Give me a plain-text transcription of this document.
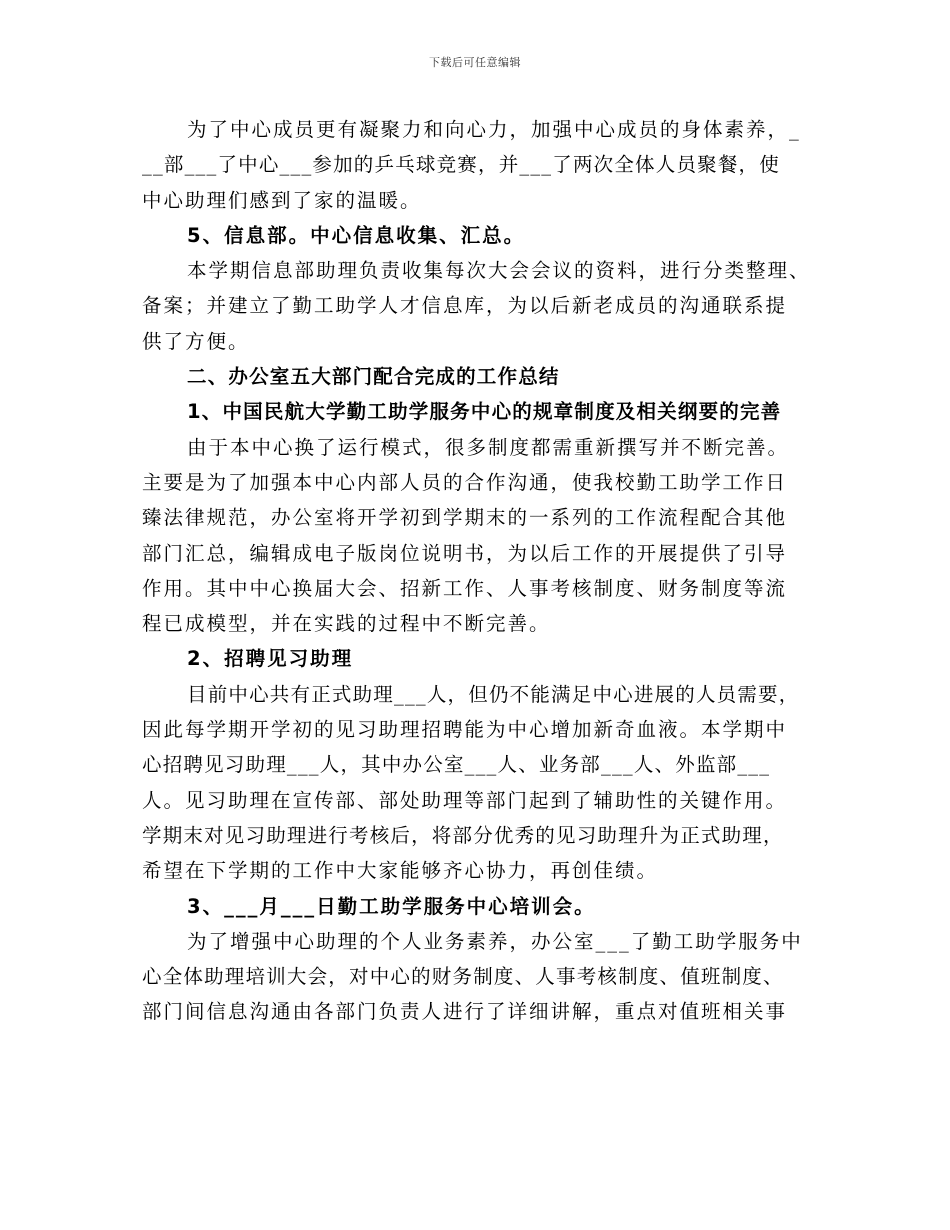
下载后可任意编辑
为了中心成员更有凝聚力和向心力，加强中心成员的身体素养，_
__部___了中心___参加的乒乓球竞赛，并___了两次全体人员聚餐，使
中心助理们感到了家的温暖。
5、信息部。中心信息收集、汇总。
本学期信息部助理负责收集每次大会会议的资料，进行分类整理、
备案；并建立了勤工助学人才信息库，为以后新老成员的沟通联系提
供了方便。
二、办公室五大部门配合完成的工作总结
1、中国民航大学勤工助学服务中心的规章制度及相关纲要的完善
由于本中心换了运行模式，很多制度都需重新撰写并不断完善。
主要是为了加强本中心内部人员的合作沟通，使我校勤工助学工作日
臻法律规范，办公室将开学初到学期末的一系列的工作流程配合其他
部门汇总，编辑成电子版岗位说明书，为以后工作的开展提供了引导
作用。其中中心换届大会、招新工作、人事考核制度、财务制度等流
程已成模型，并在实践的过程中不断完善。
2、招聘见习助理
目前中心共有正式助理___人，但仍不能满足中心进展的人员需要，
因此每学期开学初的见习助理招聘能为中心增加新奇血液。本学期中
心招聘见习助理___人，其中办公室___人、业务部___人、外监部___
人。见习助理在宣传部、部处助理等部门起到了辅助性的关键作用。
学期末对见习助理进行考核后，将部分优秀的见习助理升为正式助理，
希望在下学期的工作中大家能够齐心协力，再创佳绩。
3、___月___日勤工助学服务中心培训会。
为了增强中心助理的个人业务素养，办公室___了勤工助学服务中
心全体助理培训大会，对中心的财务制度、人事考核制度、值班制度、
部门间信息沟通由各部门负责人进行了详细讲解，重点对值班相关事
